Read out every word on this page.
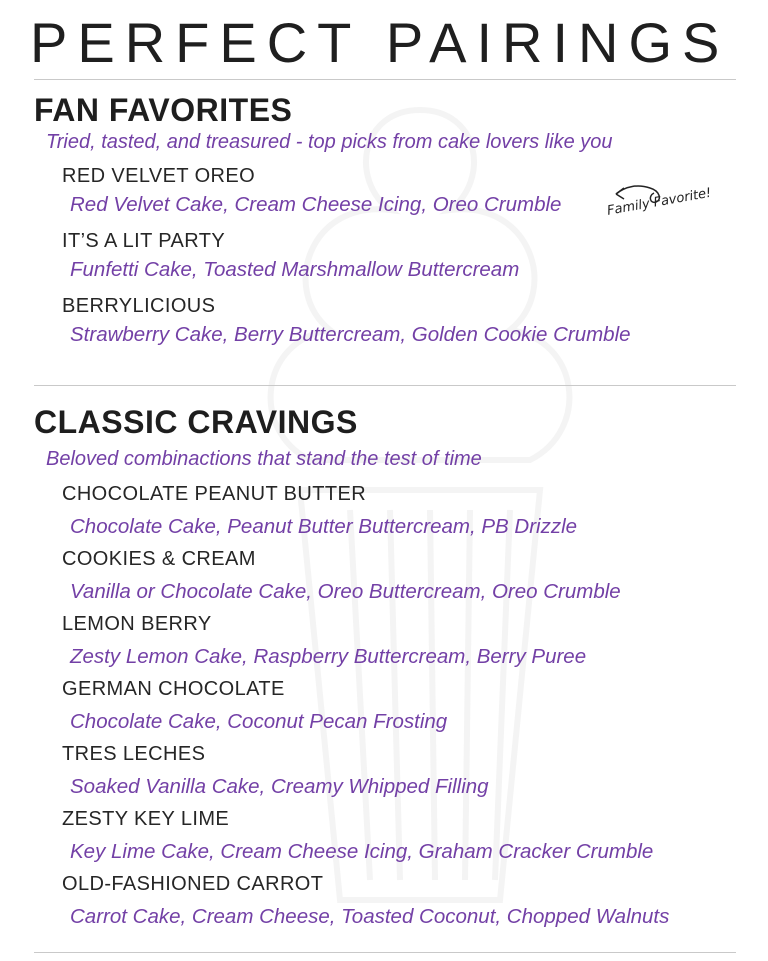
PERFECT PAIRINGS
FAN FAVORITES
Tried, tasted, and treasured - top picks from cake lovers like you
RED VELVET OREO
Red Velvet Cake, Cream Cheese Icing, Oreo Crumble	Family Favorite!
IT’S A LIT PARTY
Funfetti Cake, Toasted Marshmallow Buttercream
BERRYLICIOUS
Strawberry Cake, Berry Buttercream, Golden Cookie Crumble
CLASSIC CRAVINGS
Beloved combinactions that stand the test of time
CHOCOLATE PEANUT BUTTER
Chocolate Cake, Peanut Butter Buttercream, PB Drizzle
COOKIES & CREAM
Vanilla or Chocolate Cake, Oreo Buttercream, Oreo Crumble
LEMON BERRY
Zesty Lemon Cake, Raspberry Buttercream, Berry Puree
GERMAN CHOCOLATE
Chocolate Cake, Coconut Pecan Frosting
TRES LECHES
Soaked Vanilla Cake, Creamy Whipped Filling
ZESTY KEY LIME
Key Lime Cake, Cream Cheese Icing, Graham Cracker Crumble
OLD-FASHIONED CARROT
Carrot Cake, Cream Cheese, Toasted Coconut, Chopped Walnuts
